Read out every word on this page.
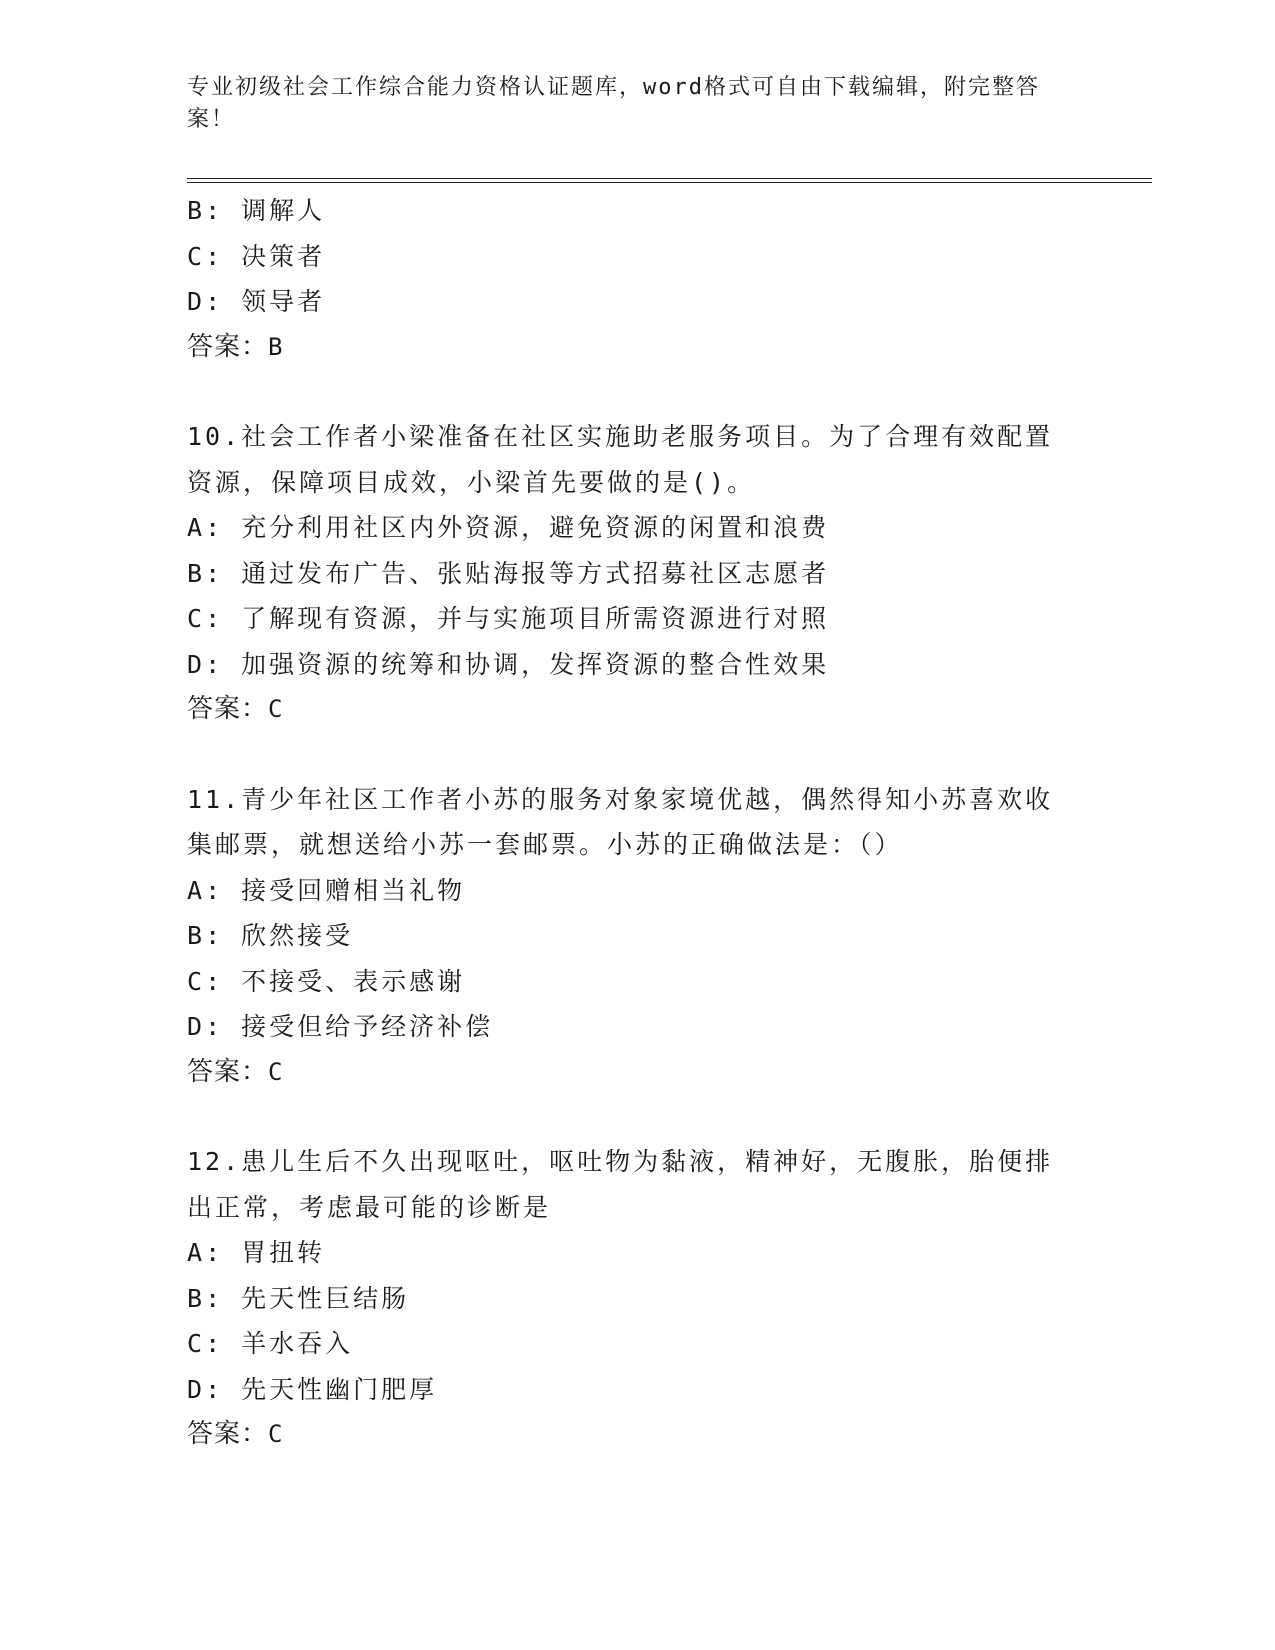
专业初级社会工作综合能力资格认证题库，word格式可自由下载编辑，附完整答案！
B: 调解人
C: 决策者
D: 领导者
答案：B
10.社会工作者小梁准备在社区实施助老服务项目。为了合理有效配置资源，保障项目成效，小梁首先要做的是()。
A: 充分利用社区内外资源，避免资源的闲置和浪费
B: 通过发布广告、张贴海报等方式招募社区志愿者
C: 了解现有资源，并与实施项目所需资源进行对照
D: 加强资源的统筹和协调，发挥资源的整合性效果
答案：C
11.青少年社区工作者小苏的服务对象家境优越，偶然得知小苏喜欢收集邮票，就想送给小苏一套邮票。小苏的正确做法是：（）
A: 接受回赠相当礼物
B: 欣然接受
C: 不接受、表示感谢
D: 接受但给予经济补偿
答案：C
12.患儿生后不久出现呕吐，呕吐物为黏液，精神好，无腹胀，胎便排出正常，考虑最可能的诊断是
A: 胃扭转
B: 先天性巨结肠
C: 羊水吞入
D: 先天性幽门肥厚
答案：C
